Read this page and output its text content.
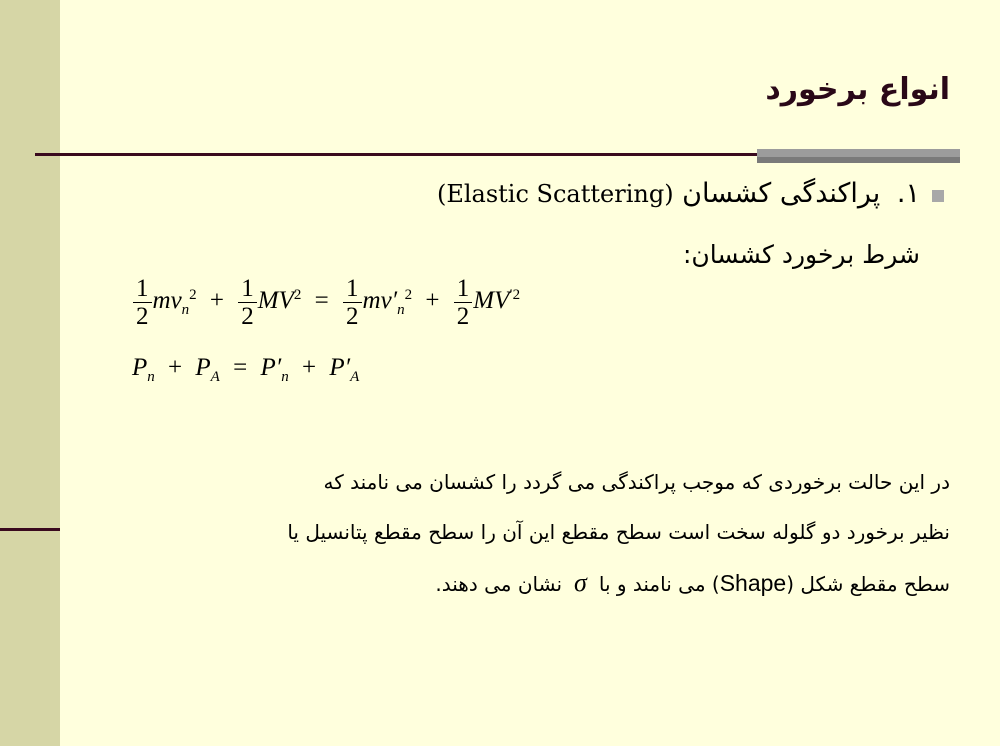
انواع برخورد
۱. پراکندگی کشسان (Elastic Scattering)
شرط برخورد کشسان:
$\frac{1}{2} mv_n^2 + \frac{1}{2} MV^2 = \frac{1}{2} mv'_n^2 + \frac{1}{2} MV^{'2}$
$P_n + P_A = P'_n + P'_A$
در این حالت برخوردی که موجب پراکندگی می گردد را کشسان می نامند که
نظیر برخورد دو گلوله سخت است سطح مقطع این آن را سطح مقطع پتانسیل یا
سطح مقطع شکل (Shape) می نامند و باσنشان می دهند.
